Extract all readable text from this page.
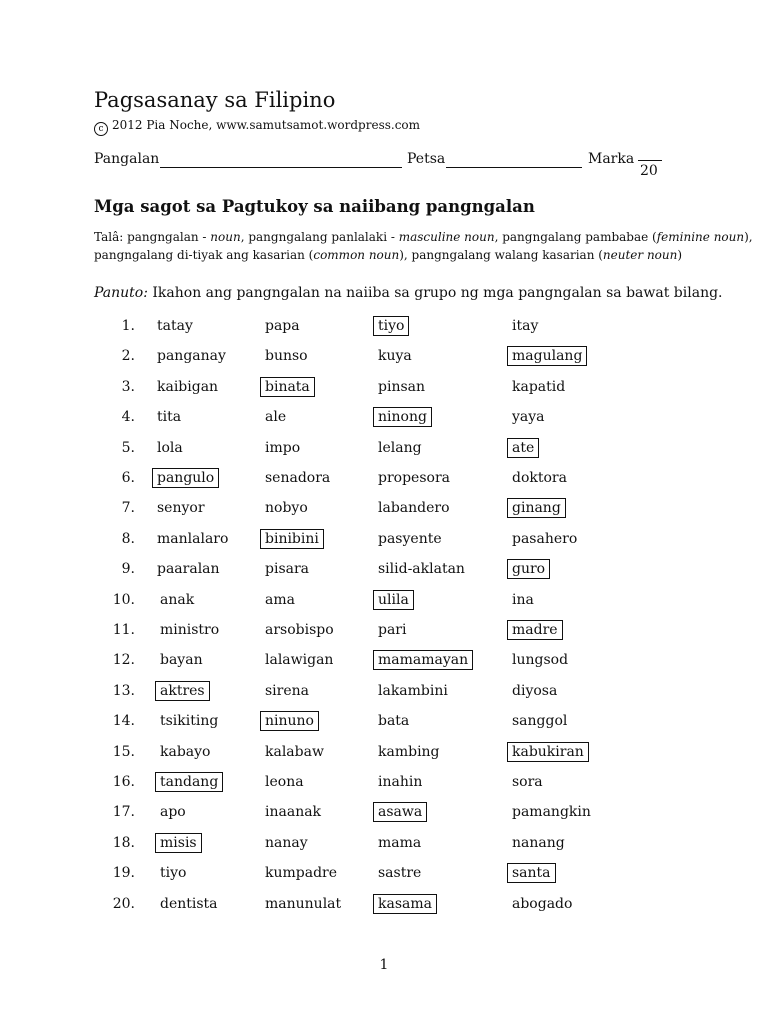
Pagsasanay sa Filipino
c 2012 Pia Noche, www.samutsamot.wordpress.com
Pangalan	Petsa	Marka
20
Mga sagot sa Pagtukoy sa naiibang pangngalan
Talâ: pangngalan - noun, pangngalang panlalaki - masculine noun, pangngalang pambabae (feminine noun),
pangngalang di-tiyak ang kasarian (common noun), pangngalang walang kasarian (neuter noun)
Panuto: Ikahon ang pangngalan na naiiba sa grupo ng mga pangngalan sa bawat bilang.
1. tatay	papa	tiyo	itay
2. panganay	bunso	kuya	magulang
3. kaibigan	binata	pinsan	kapatid
4. tita	ale	ninong	yaya
5. lola	impo	lelang	ate
6.	pangulo	senadora	propesora	doktora
7. senyor	nobyo	labandero	ginang
8. manlalaro	binibini	pasyente	pasahero
9. paaralan	pisara	silid-aklatan	guro
10. anak	ama	ulila	ina
11. ministro	arsobispo	pari	madre
12. bayan	lalawigan	mamamayan	lungsod
13.	aktres	sirena	lakambini	diyosa
14. tsikiting	ninuno	bata	sanggol
15. kabayo	kalabaw	kambing	kabukiran
16.	tandang	leona	inahin	sora
17. apo	inaanak	asawa	pamangkin
18.	misis	nanay	mama	nanang
19. tiyo	kumpadre	sastre	santa
20. dentista	manunulat	kasama	abogado
1
